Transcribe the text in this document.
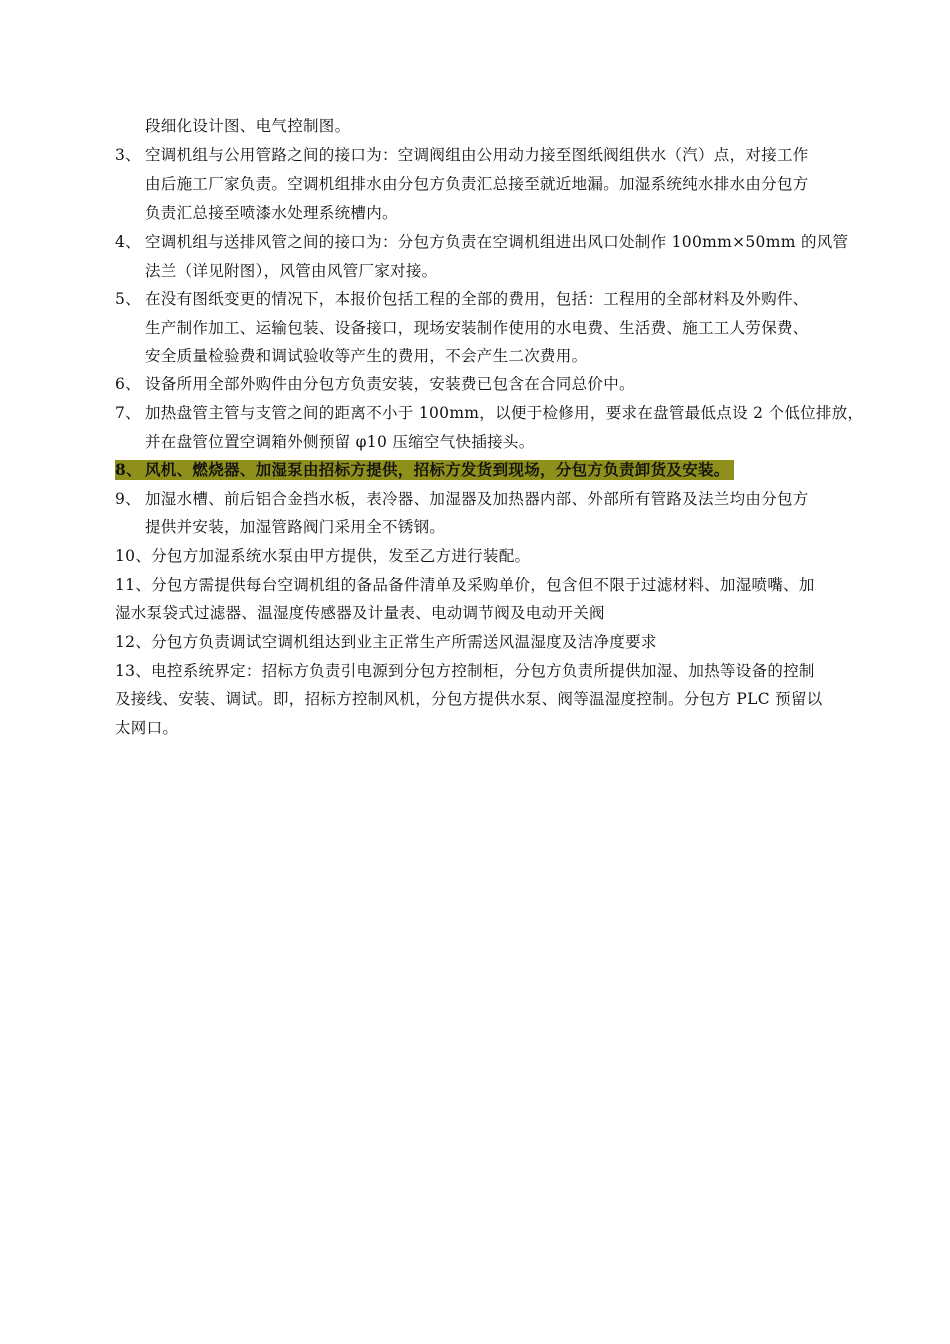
段细化设计图、电气控制图。
3、 空调机组与公用管路之间的接口为：空调阀组由公用动力接至图纸阀组供水（汽）点，对接工作
由后施工厂家负责。空调机组排水由分包方负责汇总接至就近地漏。加湿系统纯水排水由分包方
负责汇总接至喷漆水处理系统槽内。
4、 空调机组与送排风管之间的接口为：分包方负责在空调机组进出风口处制作 100mm×50mm 的风管
法兰（详见附图），风管由风管厂家对接。
5、 在没有图纸变更的情况下，本报价包括工程的全部的费用，包括：工程用的全部材料及外购件、
生产制作加工、运输包装、设备接口，现场安装制作使用的水电费、生活费、施工工人劳保费、
安全质量检验费和调试验收等产生的费用，不会产生二次费用。
6、 设备所用全部外购件由分包方负责安装，安装费已包含在合同总价中。
7、 加热盘管主管与支管之间的距离不小于 100mm，以便于检修用，要求在盘管最低点设 2 个低位排放，
并在盘管位置空调箱外侧预留 φ10 压缩空气快插接头。
8、 风机、燃烧器、加湿泵由招标方提供，招标方发货到现场，分包方负责卸货及安装。
9、 加湿水槽、前后铝合金挡水板，表冷器、加湿器及加热器内部、外部所有管路及法兰均由分包方
提供并安装，加湿管路阀门采用全不锈钢。
10、分包方加湿系统水泵由甲方提供，发至乙方进行装配。
11、分包方需提供每台空调机组的备品备件清单及采购单价，包含但不限于过滤材料、加湿喷嘴、加
湿水泵袋式过滤器、温湿度传感器及计量表、电动调节阀及电动开关阀
12、分包方负责调试空调机组达到业主正常生产所需送风温湿度及洁净度要求
13、电控系统界定：招标方负责引电源到分包方控制柜，分包方负责所提供加湿、加热等设备的控制
及接线、安装、调试。即，招标方控制风机，分包方提供水泵、阀等温湿度控制。分包方 PLC 预留以
太网口。
